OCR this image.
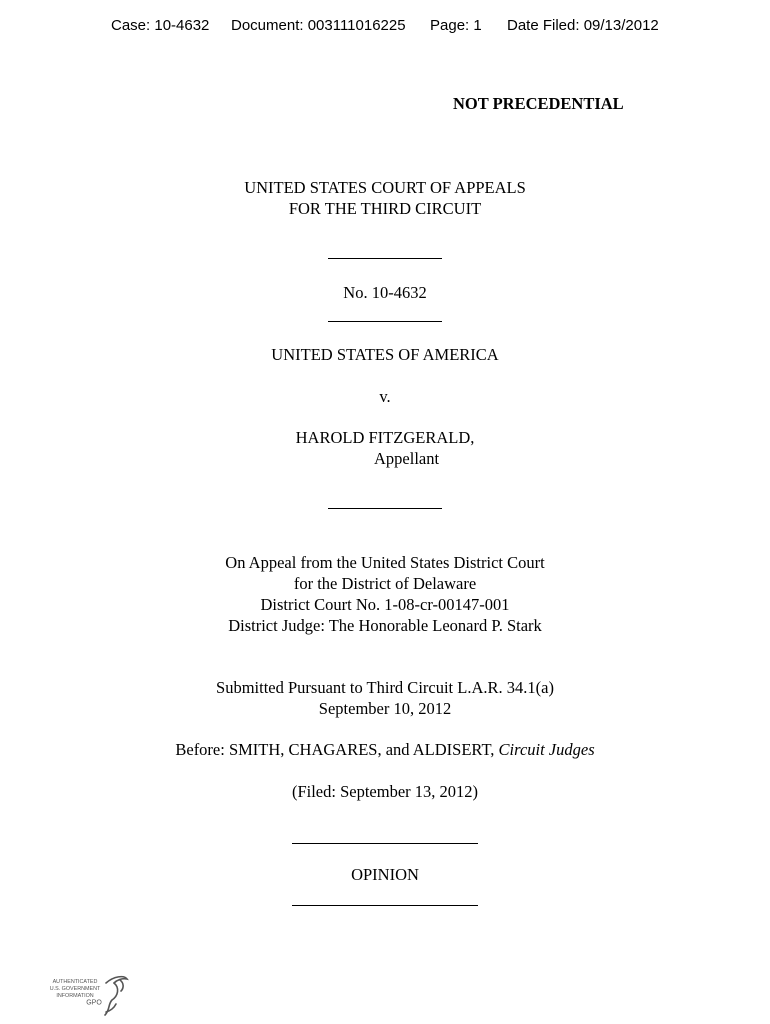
Case: 10-4632 Document: 003111016225 Page: 1 Date Filed: 09/13/2012
NOT PRECEDENTIAL
UNITED STATES COURT OF APPEALS
FOR THE THIRD CIRCUIT
No. 10-4632
UNITED STATES OF AMERICA
v.
HAROLD FITZGERALD,
Appellant
On Appeal from the United States District Court
for the District of Delaware
District Court No. 1-08-cr-00147-001
District Judge: The Honorable Leonard P. Stark
Submitted Pursuant to Third Circuit L.A.R. 34.1(a)
September 10, 2012
Before: SMITH, CHAGARES, and ALDISERT, Circuit Judges
(Filed: September 13, 2012)
OPINION
AUTHENTICATED
U.S. GOVERNMENT
INFORMATION
GPO
